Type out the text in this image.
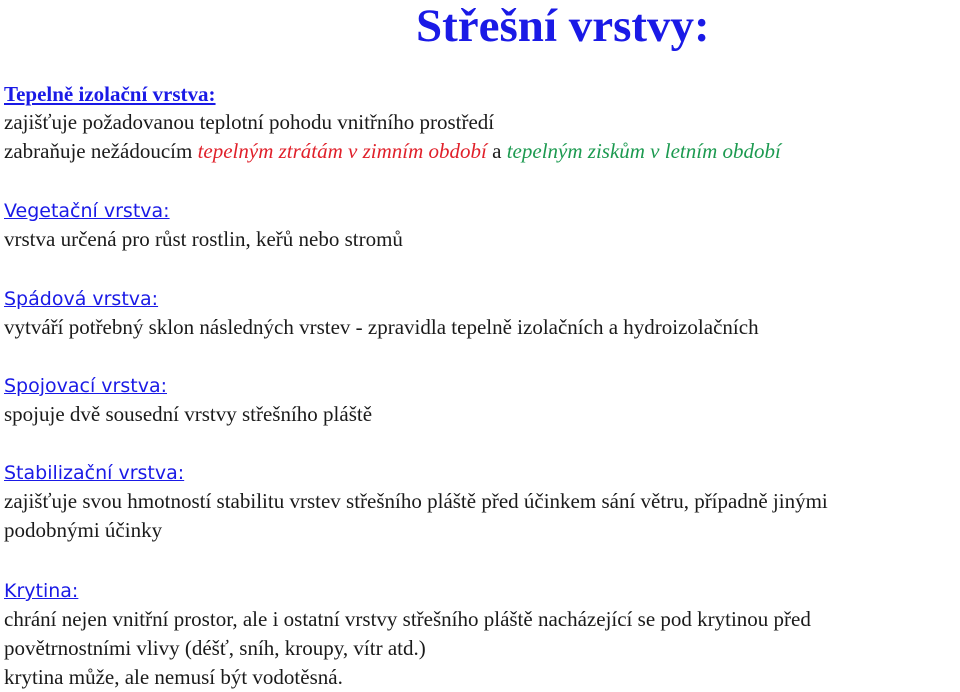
Střešní vrstvy:
Tepelně izolační vrstva:
zajišťuje požadovanou teplotní pohodu vnitřního prostředí
zabraňuje nežádoucím tepelným ztrátám v zimním období a tepelným ziskům v letním období
Vegetační vrstva:
vrstva určená pro růst rostlin, keřů nebo stromů
Spádová vrstva:
vytváří potřebný sklon následných vrstev - zpravidla tepelně izolačních a hydroizolačních
Spojovací vrstva:
spojuje dvě sousední vrstvy střešního pláště
Stabilizační vrstva:
zajišťuje svou hmotností stabilitu vrstev střešního pláště před účinkem sání větru, případně jinými
podobnými účinky
Krytina:
chrání nejen vnitřní prostor, ale i ostatní vrstvy střešního pláště nacházející se pod krytinou před
povětrnostními vlivy (déšť, sníh, kroupy, vítr atd.)
krytina může, ale nemusí být vodotěsná.
